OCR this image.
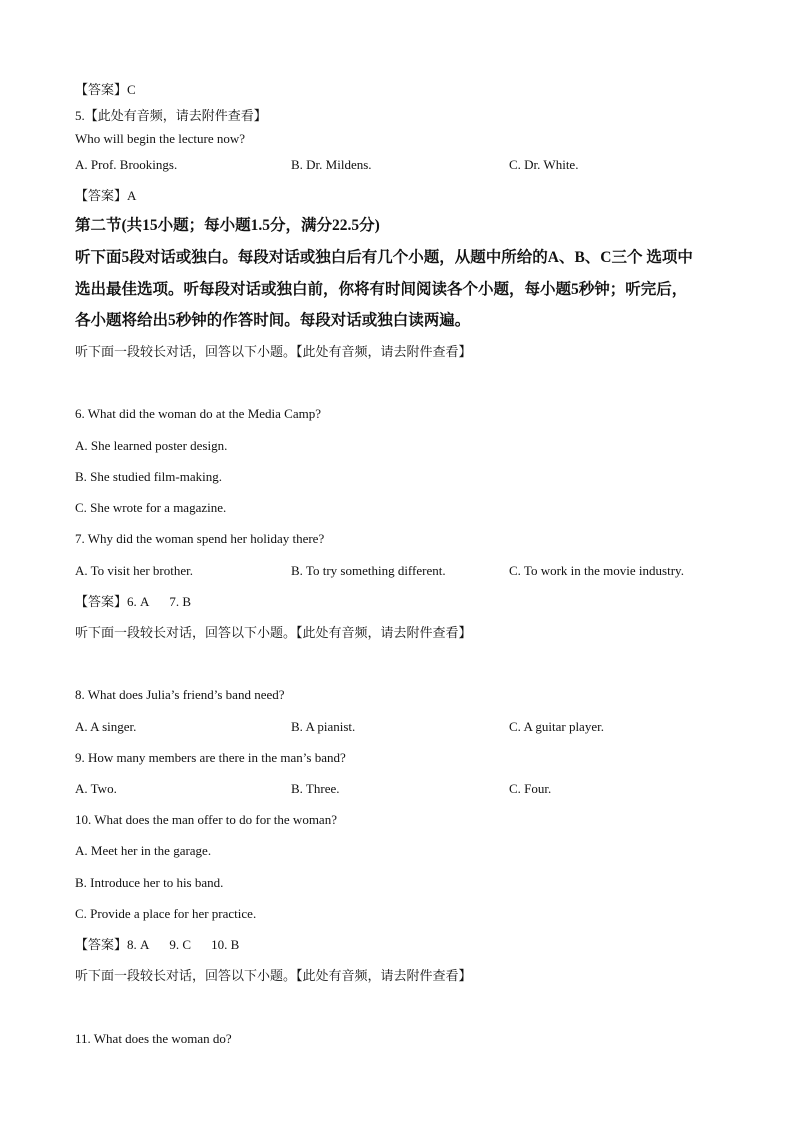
【答案】C
5.【此处有音频，请去附件查看】
Who will begin the lecture now?
A. Prof. Brookings.	B. Dr. Mildens.	C. Dr. White.
【答案】A
第二节(共15小题；每小题1.5分，满分22.5分)
听下面5段对话或独白。每段对话或独白后有几个小题，从题中所给的A、B、C三个 选项中
选出最佳选项。听每段对话或独白前，你将有时间阅读各个小题，每小题5秒钟；听完后，
各小题将给出5秒钟的作答时间。每段对话或独白读两遍。
听下面一段较长对话，回答以下小题。【此处有音频，请去附件查看】
6. What did the woman do at the Media Camp?
A. She learned poster design.
B. She studied film-making.
C. She wrote for a magazine.
7. Why did the woman spend her holiday there?
A. To visit her brother.	B. To try something different.	C. To work in the movie industry.
【答案】6. A 7. B
听下面一段较长对话，回答以下小题。【此处有音频，请去附件查看】
8. What does Julia’s friend’s band need?
A. A singer.	B. A pianist.	C. A guitar player.
9. How many members are there in the man’s band?
A. Two.	B. Three.	C. Four.
10. What does the man offer to do for the woman?
A. Meet her in the garage.
B. Introduce her to his band.
C. Provide a place for her practice.
【答案】8. A 9. C 10. B
听下面一段较长对话，回答以下小题。【此处有音频，请去附件查看】
11. What does the woman do?
